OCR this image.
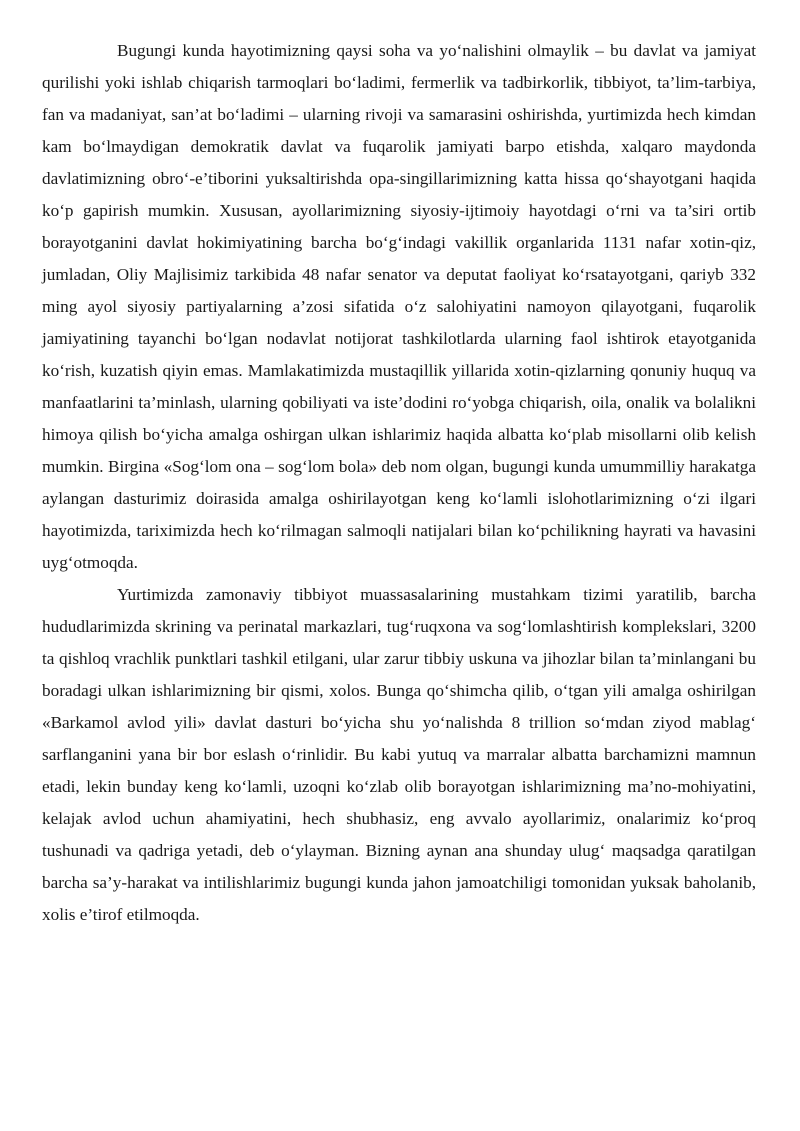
Bugungi kunda hayotimizning qaysi soha va yo‘nalishini olmaylik – bu davlat va jamiyat qurilishi yoki ishlab chiqarish tarmoqlari bo‘ladimi, fermerlik va tadbirkorlik, tibbiyot, ta’lim-tarbiya, fan va madaniyat, san’at bo‘ladimi – ularning rivoji va samarasini oshirishda, yurtimizda hech kimdan kam bo‘lmaydigan demokratik davlat va fuqarolik jamiyati barpo etishda, xalqaro maydonda davlatimizning obro‘-e’tiborini yuksaltirishda opa-singillarimizning katta hissa qo‘shayotgani haqida ko‘p gapirish mumkin. Xususan, ayollarimizning siyosiy-ijtimoiy hayotdagi o‘rni va ta’siri ortib borayotganini davlat hokimiyatining barcha bo‘g‘indagi vakillik organlarida 1131 nafar xotin-qiz, jumladan, Oliy Majlisimiz tarkibida 48 nafar senator va deputat faoliyat ko‘rsatayotgani, qariyb 332 ming ayol siyosiy partiyalarning a’zosi sifatida o‘z salohiyatini namoyon qilayotgani, fuqarolik jamiyatining tayanchi bo‘lgan nodavlat notijorat tashkilotlarda ularning faol ishtirok etayotganida ko‘rish, kuzatish qiyin emas. Mamlakatimizda mustaqillik yillarida xotin-qizlarning qonuniy huquq va manfaatlarini ta’minlash, ularning qobiliyati va iste’dodini ro‘yobga chiqarish, oila, onalik va bolalikni himoya qilish bo‘yicha amalga oshirgan ulkan ishlarimiz haqida albatta ko‘plab misollarni olib kelish mumkin. Birgina «Sog‘lom ona – sog‘lom bola» deb nom olgan, bugungi kunda umummilliy harakatga aylangan dasturimiz doirasida amalga oshirilayotgan keng ko‘lamli islohotlarimizning o‘zi ilgari hayotimizda, tariximizda hech ko‘rilmagan salmoqli natijalari bilan ko‘pchilikning hayrati va havasini uyg‘otmoqda.

Yurtimizda zamonaviy tibbiyot muassasalarining mustahkam tizimi yaratilib, barcha hududlarimizda skrining va perinatal markazlari, tug‘ruqxona va sog‘lomlashtirish komplekslari, 3200 ta qishloq vrachlik punktlari tashkil etilgani, ular zarur tibbiy uskuna va jihozlar bilan ta’minlangani bu boradagi ulkan ishlarimizning bir qismi, xolos. Bunga qo‘shimcha qilib, o‘tgan yili amalga oshirilgan «Barkamol avlod yili» davlat dasturi bo‘yicha shu yo‘nalishda 8 trillion so‘mdan ziyod mablag‘ sarflanganini yana bir bor eslash o‘rinlidir. Bu kabi yutuq va marralar albatta barchamizni mamnun etadi, lekin bunday keng ko‘lamli, uzoqni ko‘zlab olib borayotgan ishlarimizning ma’no-mohiyatini, kelajak avlod uchun ahamiyatini, hech shubhasiz, eng avvalo ayollarimiz, onalarimiz ko‘proq tushunadi va qadriga yetadi, deb o‘ylayman. Bizning aynan ana shunday ulug‘ maqsadga qaratilgan barcha sa’y-harakat va intilishlarimiz bugungi kunda jahon jamoatchiligi tomonidan yuksak baholanib, xolis e’tirof etilmoqda.
